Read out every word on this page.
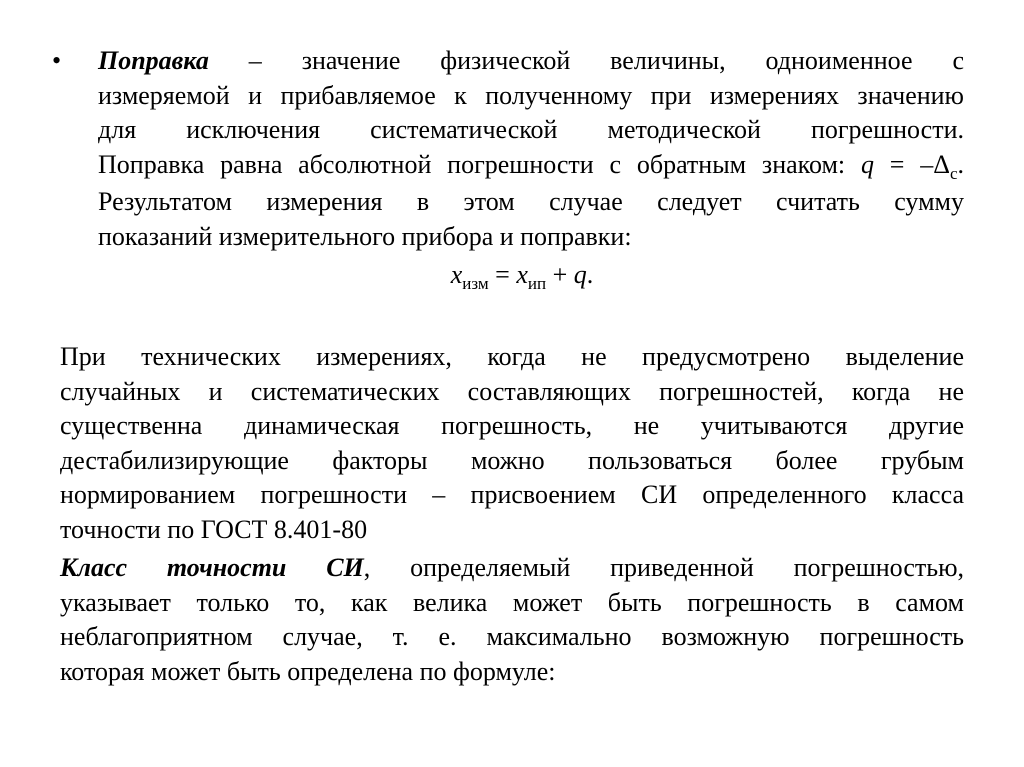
•	Поправка – значение физической величины, одноименное с
измеряемой и прибавляемое к полученному при измерениях значению
для исключения систематической методической погрешности.
Поправка равна абсолютной погрешности с обратным знаком: $q = -\Delta_c$.
Результатом измерения в этом случае следует считать сумму
показаний измерительного прибора и поправки:
$x_{изм} = x_{ип} + q$.
При технических измерениях, когда не предусмотрено выделение
случайных и систематических составляющих погрешностей, когда не
существенна динамическая погрешность, не учитываются другие
дестабилизирующие факторы можно пользоваться более грубым
нормированием погрешности – присвоением СИ определенного класса
точности по ГОСТ 8.401-80
Класс точности СИ, определяемый приведенной погрешностью,
указывает только то, как велика может быть погрешность в самом
неблагоприятном случае, т. е. максимально возможную погрешность
которая может быть определена по формуле:
